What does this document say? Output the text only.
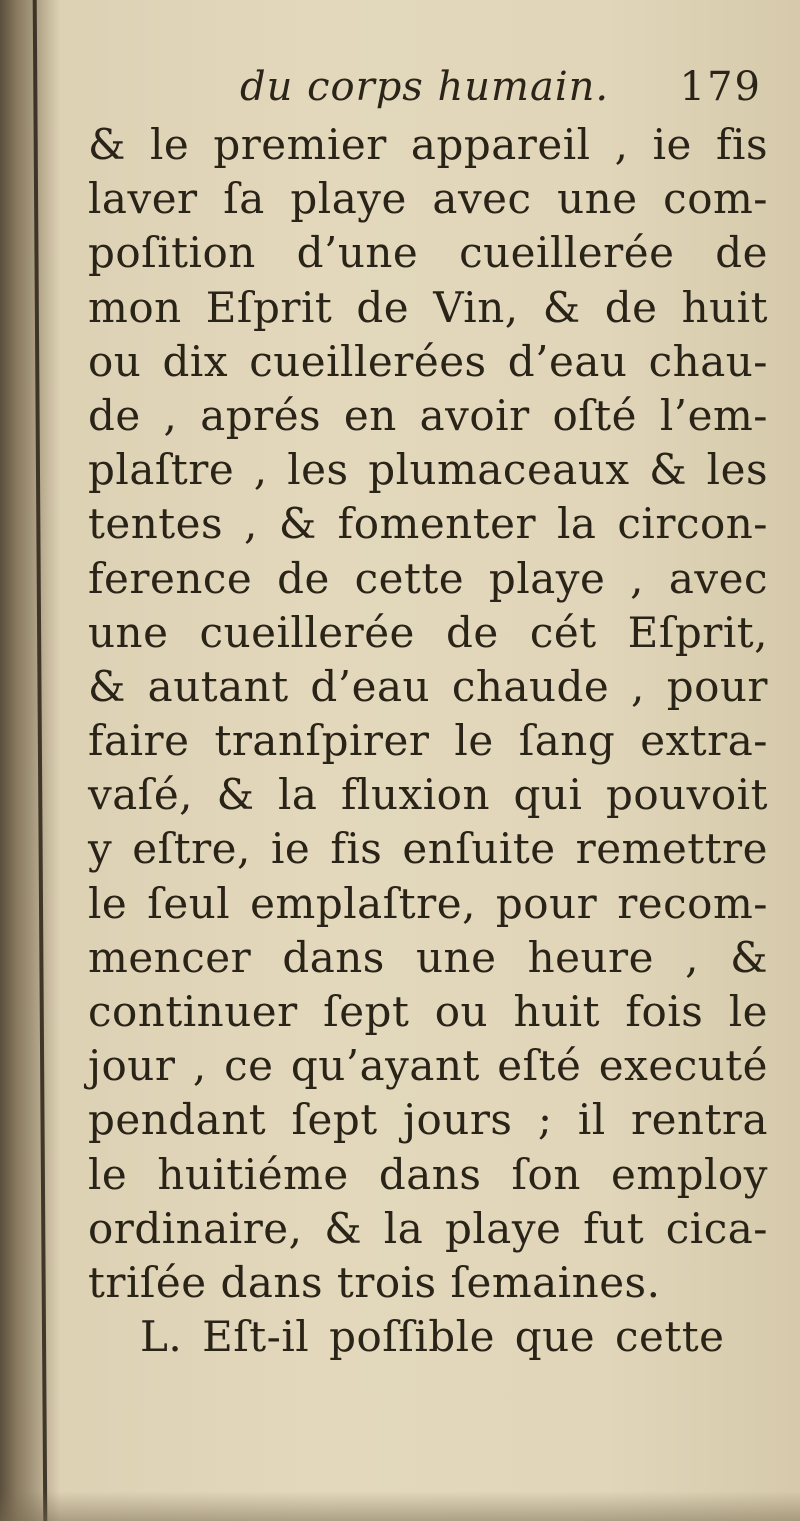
du corps humain. 179
& le premier appareil , ie fis
laver ſa playe avec une com-
poſition d’une cueillerée de
mon Eſprit de Vin, & de huit
ou dix cueillerées d’eau chau-
de , aprés en avoir oſté l’em-
plaſtre , les plumaceaux & les
tentes , & fomenter la circon-
ference de cette playe , avec
une cueillerée de cét Eſprit,
& autant d’eau chaude , pour
faire tranſpirer le ſang extra-
vaſé, & la fluxion qui pouvoit
y eſtre, ie fis enſuite remettre
le ſeul emplaſtre, pour recom-
mencer dans une heure , &
continuer ſept ou huit fois le
jour , ce qu’ayant eſté executé
pendant ſept jours ; il rentra
le huitiéme dans ſon employ
ordinaire, & la playe fut cica-
triſée dans trois ſemaines.
L. Eſt-il poſſible que cette
